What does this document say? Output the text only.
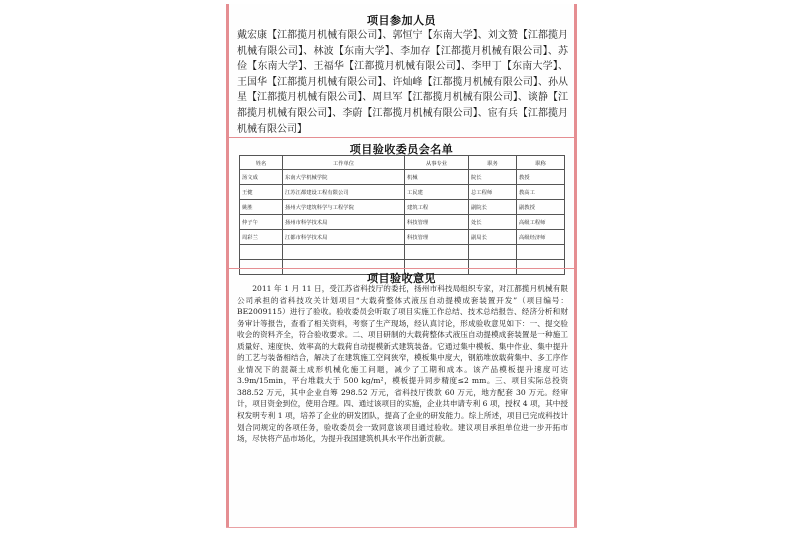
项目参加人员
戴宏康【江都揽月机械有限公司】、郭恒宁【东南大学】、刘文赞【江都揽月机械有限公司】、林波【东南大学】、李加存【江都揽月机械有限公司】、苏俭【东南大学】、王福华【江都揽月机械有限公司】、李甲丁【东南大学】、王国华【江都揽月机械有限公司】、许灿峰【江都揽月机械有限公司】、孙从星【江都揽月机械有限公司】、周旦军【江都揽月机械有限公司】、谈静【江都揽月机械有限公司】、李蔚【江都揽月机械有限公司】、宦有兵【江都揽月机械有限公司】
项目验收委员会名单
姓名	工作单位	从事专业	职务	职称
汤文成	东南大学机械学院	机械	院长	教授
王健	江苏江都建设工程有限公司	工民建	总工程师	教高工
姚胜	扬州大学建筑科学与工程学院	建筑工程	副院长	副教授
仲子午	扬州市科学技术局	科技管理	处长	高级工程师
周彩兰	江都市科学技术局	科技管理	副局长	高级经济师

项目验收意见
2011 年 1 月 11 日，受江苏省科技厅的委托，扬州市科技局组织专家，对江都揽月机械有限公司承担的省科技攻关计划项目“大载荷整体式液压自动提模成套装置开发”（项目编号：BE2009115）进行了验收。验收委员会听取了项目实施工作总结、技术总结报告、经济分析和财务审计等报告，查看了相关资料，考察了生产现场，经认真讨论，形成验收意见如下：一、提交验收会的资料齐全，符合验收要求。二、项目研制的大载荷整体式液压自动提模成套装置是一种施工质量好、速度快、效率高的大载荷自动提模新式建筑装备。它通过集中模板、集中作业、集中提升的工艺与装备相结合，解决了在建筑施工空间狭窄，模板集中度大，钢筋堆放载荷集中、多工序作业情况下的混凝土成形机械化施工问题，减少了工期和成本。该产品模板提升速度可达 3.9m/15min，平台堆载大于 500 kg/m²，模板提升同步精度≤2 mm。三、项目实际总投资 388.52 万元，其中企业自筹 298.52 万元，省科技厅拨款 60 万元，地方配套 30 万元。经审计，项目资金到位，使用合理。四、通过该项目的实施，企业共申请专利 6 项，授权 4 项，其中授权发明专利 1 项，培养了企业的研发团队，提高了企业的研发能力。综上所述，项目已完成科技计划合同规定的各项任务，验收委员会一致同意该项目通过验收。建议项目承担单位进一步开拓市场，尽快将产品市场化，为提升我国建筑机具水平作出新贡献。
